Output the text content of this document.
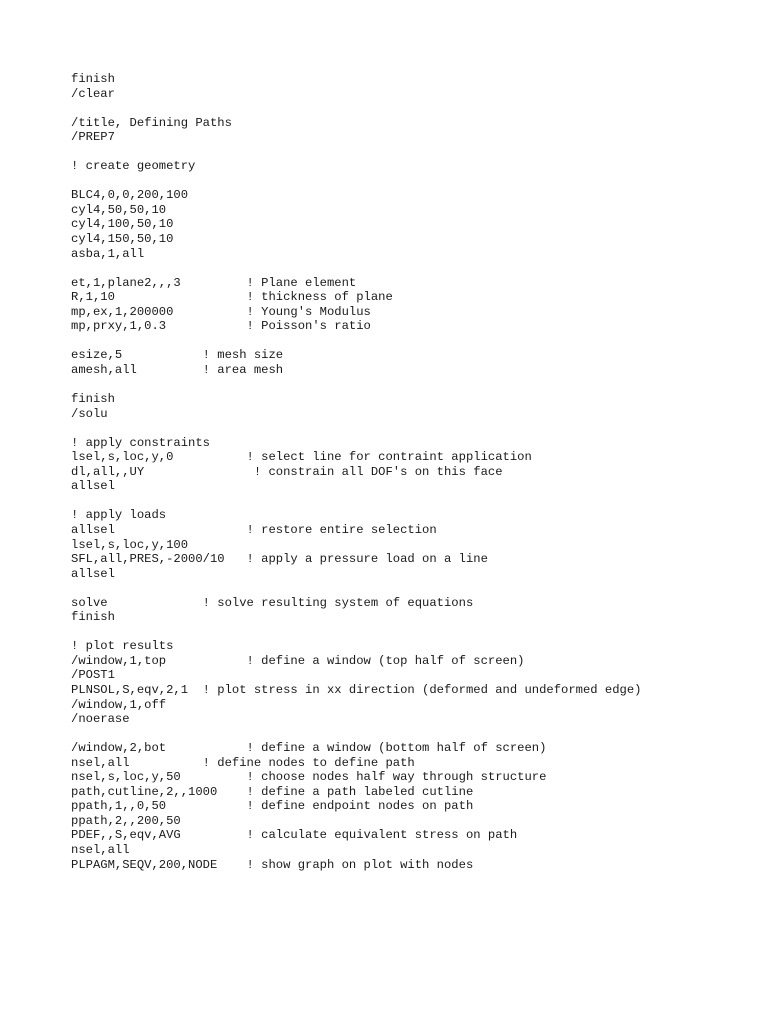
finish
/clear
/title, Defining Paths
/PREP7
! create geometry
BLC4,0,0,200,100
cyl4,50,50,10
cyl4,100,50,10
cyl4,150,50,10
asba,1,all
et,1,plane2,,,3         ! Plane element
R,1,10                  ! thickness of plane
mp,ex,1,200000          ! Young's Modulus
mp,prxy,1,0.3           ! Poisson's ratio
esize,5           ! mesh size
amesh,all         ! area mesh
finish
/solu
! apply constraints
lsel,s,loc,y,0          ! select line for contraint application
dl,all,,UY               ! constrain all DOF's on this face
allsel
! apply loads
allsel                  ! restore entire selection
lsel,s,loc,y,100
SFL,all,PRES,-2000/10   ! apply a pressure load on a line
allsel
solve             ! solve resulting system of equations
finish
! plot results
/window,1,top           ! define a window (top half of screen)
/POST1
PLNSOL,S,eqv,2,1  ! plot stress in xx direction (deformed and undeformed edge)
/window,1,off
/noerase
/window,2,bot           ! define a window (bottom half of screen)
nsel,all          ! define nodes to define path
nsel,s,loc,y,50         ! choose nodes half way through structure
path,cutline,2,,1000    ! define a path labeled cutline
ppath,1,,0,50           ! define endpoint nodes on path
ppath,2,,200,50
PDEF,,S,eqv,AVG         ! calculate equivalent stress on path
nsel,all
PLPAGM,SEQV,200,NODE    ! show graph on plot with nodes
